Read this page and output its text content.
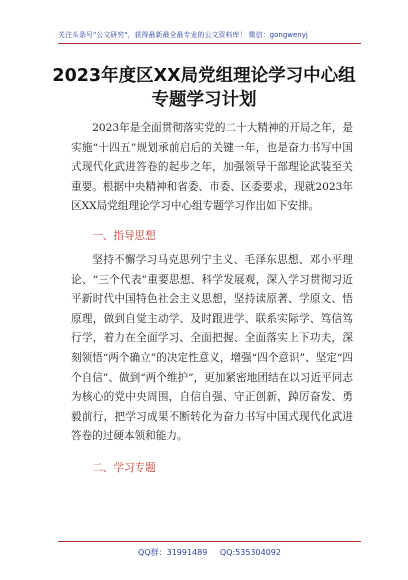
关注头条号"公文研究"，获得最新最全最专业的公文资料库！ 微信：gongwenyj
2023年度区XX局党组理论学习中心组
专题学习计划

2023年是全面贯彻落实党的二十大精神的开局之年，是实施“十四五”规划承前启后的关键一年，也是奋力书写中国式现代化武进答卷的起步之年，加强领导干部理论武装至关重要。根据中央精神和省委、市委、区委要求，现就2023年区XX局党组理论学习中心组专题学习作出如下安排。

一、指导思想

坚持不懈学习马克思列宁主义、毛泽东思想、邓小平理论、“三个代表”重要思想、科学发展观，深入学习贯彻习近平新时代中国特色社会主义思想，坚持读原著、学原文、悟原理，做到自觉主动学、及时跟进学、联系实际学、笃信笃行学，着力在全面学习、全面把握、全面落实上下功夫，深刻领悟“两个确立”的决定性意义，增强“四个意识”、坚定“四个自信”、做到“两个维护”，更加紧密地团结在以习近平同志为核心的党中央周围，自信自强、守正创新，踔厉奋发、勇毅前行，把学习成果不断转化为奋力书写中国式现代化武进答卷的过硬本领和能力。

二、学习专题
QQ群：31991489 QQ:535304092
